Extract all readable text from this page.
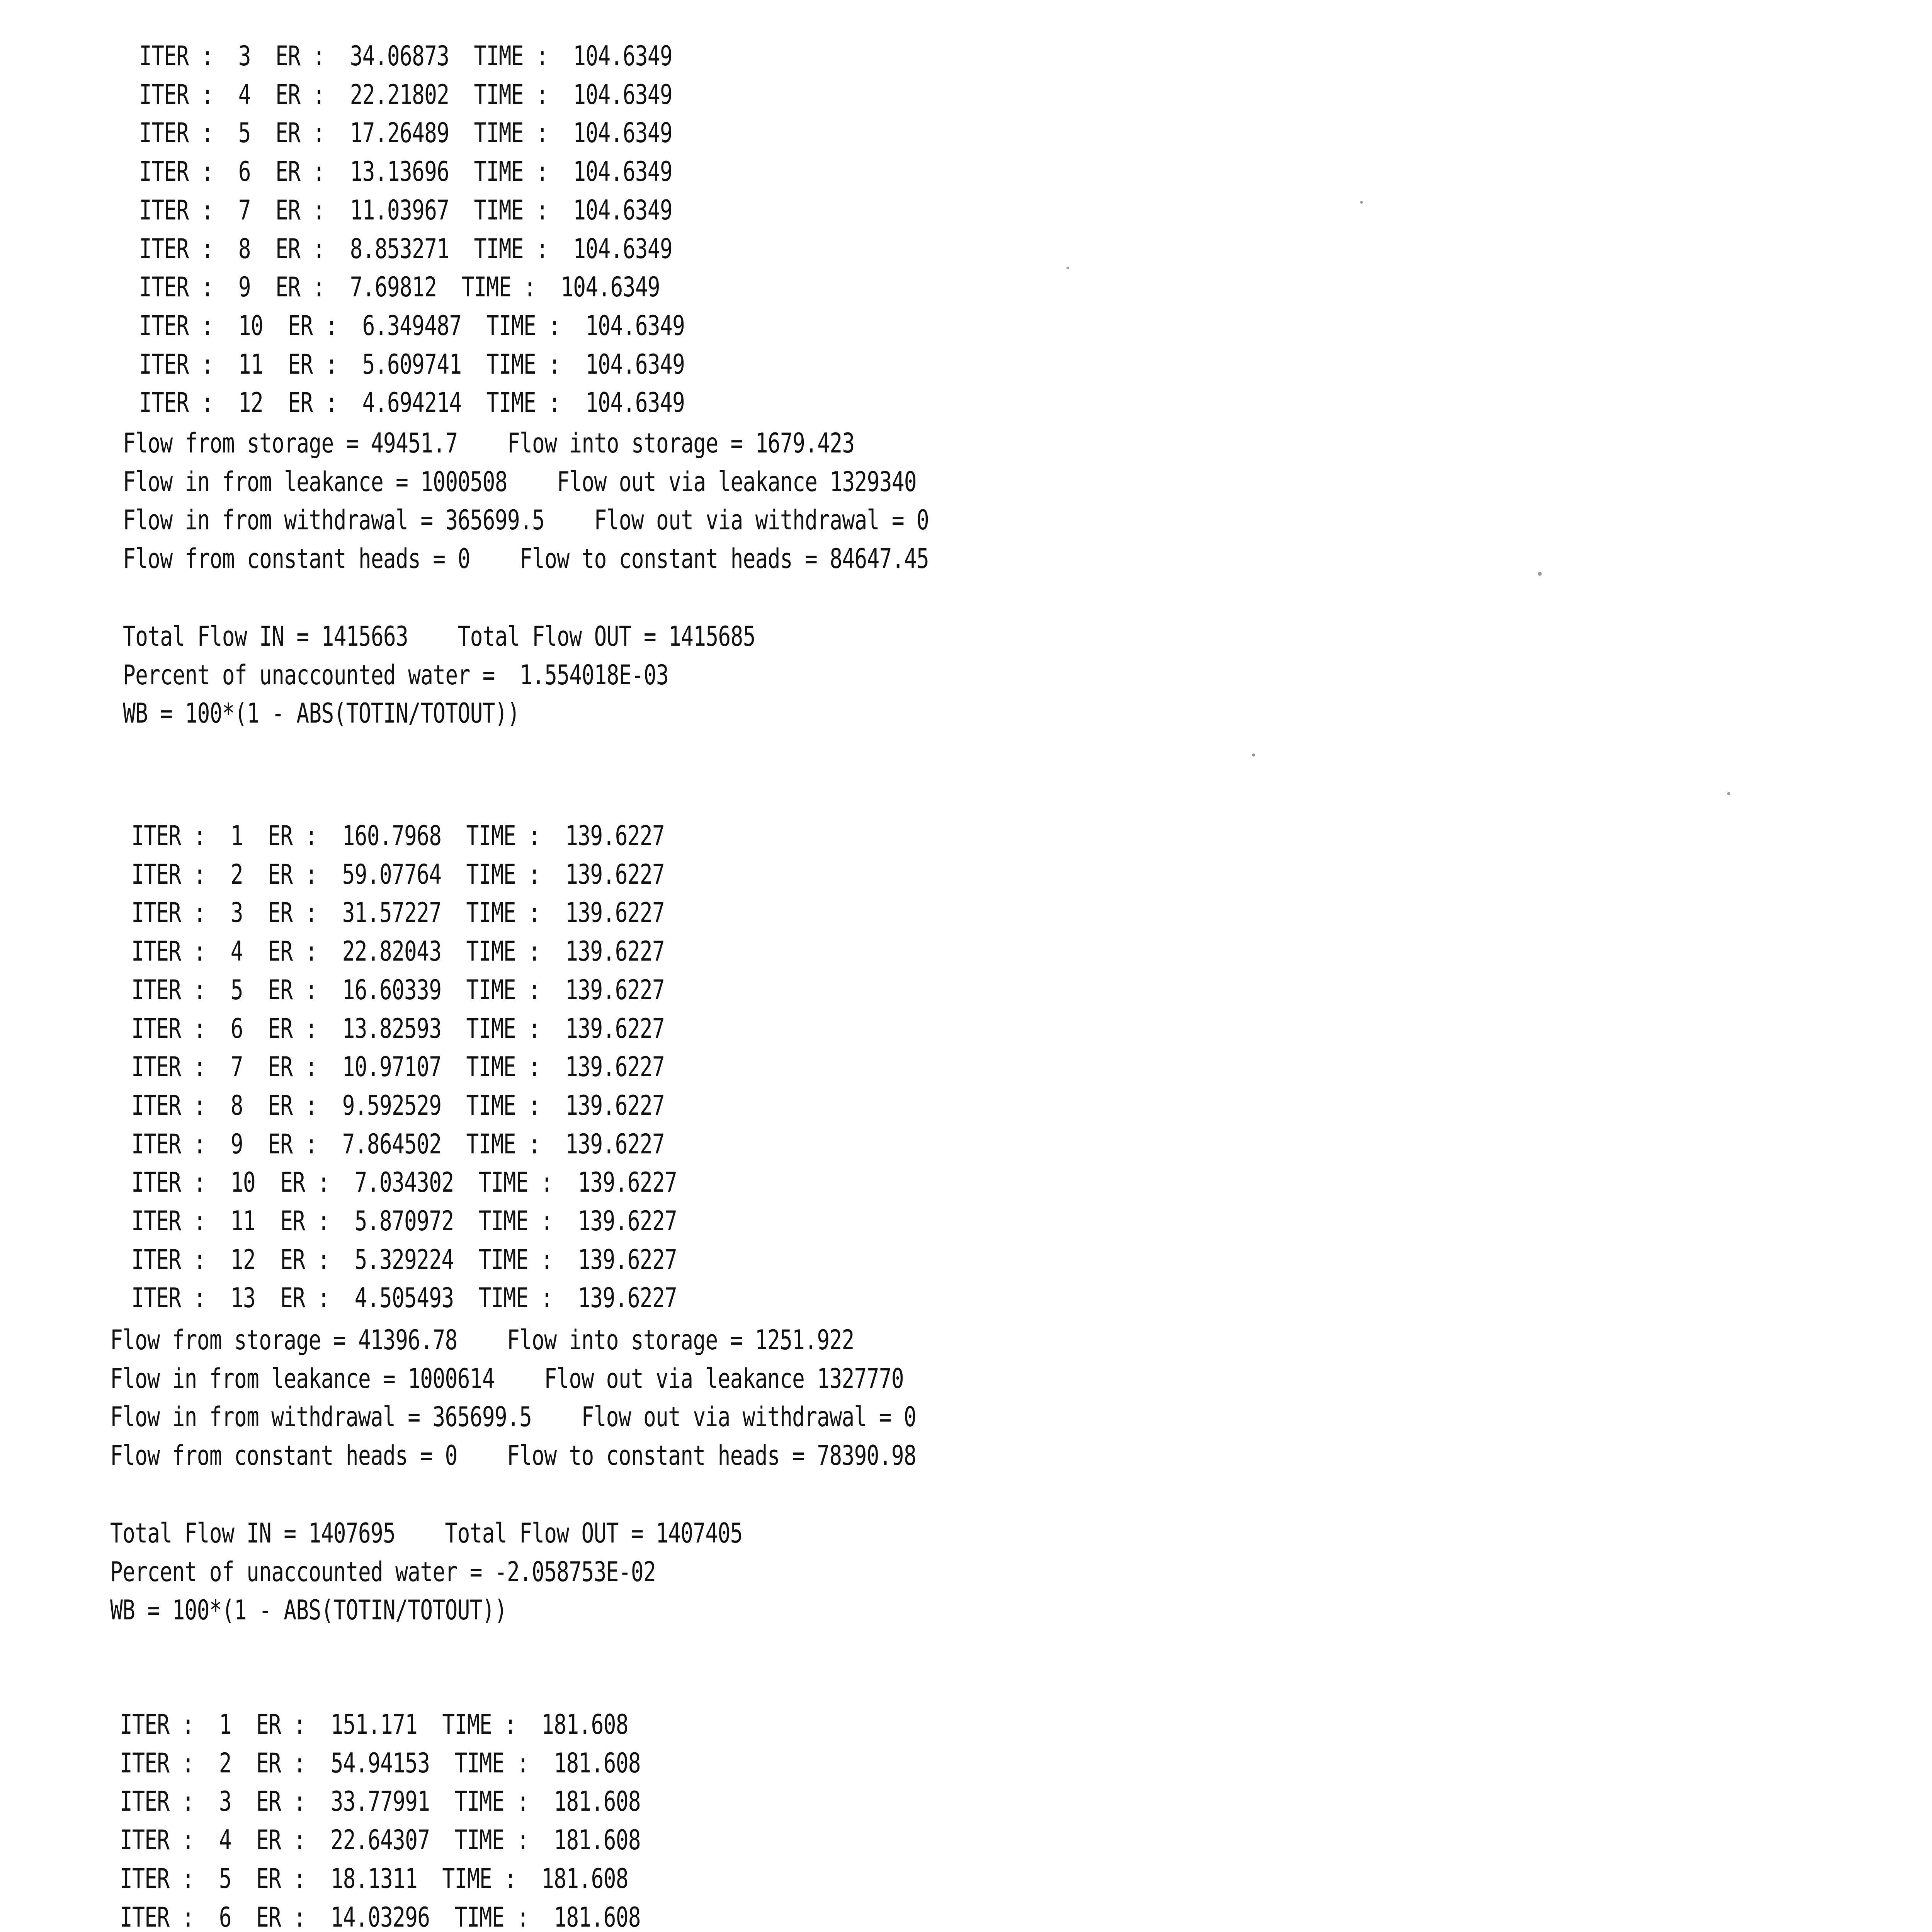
ITER :  3  ER :  34.06873  TIME :  104.6349
ITER :  4  ER :  22.21802  TIME :  104.6349
ITER :  5  ER :  17.26489  TIME :  104.6349
ITER :  6  ER :  13.13696  TIME :  104.6349
ITER :  7  ER :  11.03967  TIME :  104.6349
ITER :  8  ER :  8.853271  TIME :  104.6349
ITER :  9  ER :  7.69812  TIME :  104.6349
ITER :  10  ER :  6.349487  TIME :  104.6349
ITER :  11  ER :  5.609741  TIME :  104.6349
ITER :  12  ER :  4.694214  TIME :  104.6349
Flow from storage = 49451.7    Flow into storage = 1679.423
Flow in from leakance = 1000508    Flow out via leakance 1329340
Flow in from withdrawal = 365699.5    Flow out via withdrawal = 0
Flow from constant heads = 0    Flow to constant heads = 84647.45
Total Flow IN = 1415663    Total Flow OUT = 1415685
Percent of unaccounted water =  1.554018E-03
WB = 100*(1 - ABS(TOTIN/TOTOUT))
ITER :  1  ER :  160.7968  TIME :  139.6227
ITER :  2  ER :  59.07764  TIME :  139.6227
ITER :  3  ER :  31.57227  TIME :  139.6227
ITER :  4  ER :  22.82043  TIME :  139.6227
ITER :  5  ER :  16.60339  TIME :  139.6227
ITER :  6  ER :  13.82593  TIME :  139.6227
ITER :  7  ER :  10.97107  TIME :  139.6227
ITER :  8  ER :  9.592529  TIME :  139.6227
ITER :  9  ER :  7.864502  TIME :  139.6227
ITER :  10  ER :  7.034302  TIME :  139.6227
ITER :  11  ER :  5.870972  TIME :  139.6227
ITER :  12  ER :  5.329224  TIME :  139.6227
ITER :  13  ER :  4.505493  TIME :  139.6227
Flow from storage = 41396.78    Flow into storage = 1251.922
Flow in from leakance = 1000614    Flow out via leakance 1327770
Flow in from withdrawal = 365699.5    Flow out via withdrawal = 0
Flow from constant heads = 0    Flow to constant heads = 78390.98
Total Flow IN = 1407695    Total Flow OUT = 1407405
Percent of unaccounted water = -2.058753E-02
WB = 100*(1 - ABS(TOTIN/TOTOUT))
ITER :  1  ER :  151.171  TIME :  181.608
ITER :  2  ER :  54.94153  TIME :  181.608
ITER :  3  ER :  33.77991  TIME :  181.608
ITER :  4  ER :  22.64307  TIME :  181.608
ITER :  5  ER :  18.1311  TIME :  181.608
ITER :  6  ER :  14.03296  TIME :  181.608
